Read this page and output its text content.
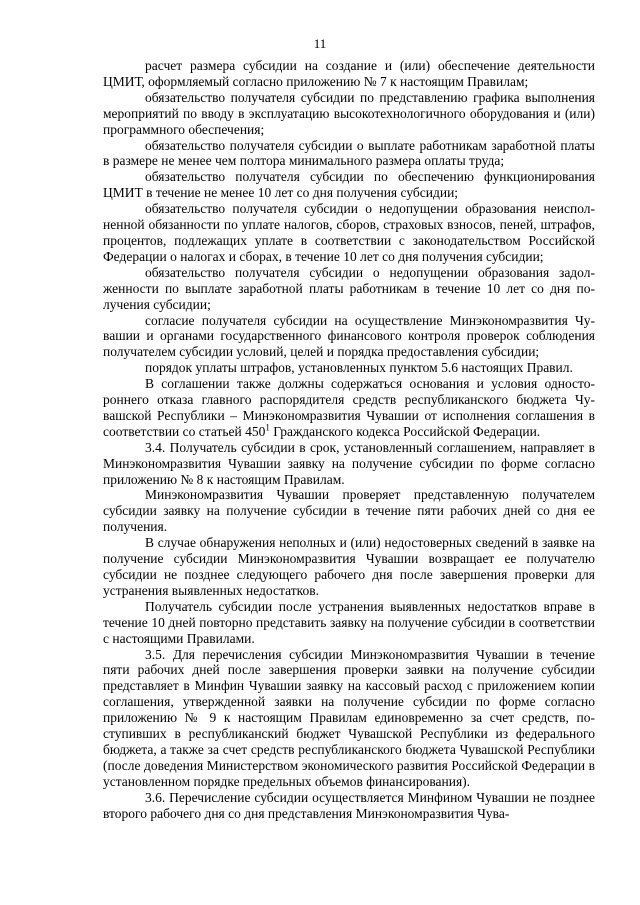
11

расчет размера субсидии на создание и (или) обеспечение деятельности ЦМИТ, оформляемый согласно приложению № 7 к настоящим Правилам;

обязательство получателя субсидии по представлению графика выполнения мероприятий по вводу в эксплуатацию высокотехнологичного оборудования и (или) программного обеспечения;

обязательство получателя субсидии о выплате работникам заработной платы в размере не менее чем полтора минимального размера оплаты труда;

обязательство получателя субсидии по обеспечению функционирования ЦМИТ в течение не менее 10 лет со дня получения субсидии;

обязательство получателя субсидии о недопущении образования неисполненной обязанности по уплате налогов, сборов, страховых взносов, пеней, штрафов, процентов, подлежащих уплате в соответствии с законодательством Российской Федерации о налогах и сборах, в течение 10 лет со дня получения субсидии;

обязательство получателя субсидии о недопущении образования задолженности по выплате заработной платы работникам в течение 10 лет со дня получения субсидии;

согласие получателя субсидии на осуществление Минэкономразвития Чувашии и органами государственного финансового контроля проверок соблюдения получателем субсидии условий, целей и порядка предоставления субсидии;

порядок уплаты штрафов, установленных пунктом 5.6 настоящих Правил.

В соглашении также должны содержаться основания и условия одностороннего отказа главного распорядителя средств республиканского бюджета Чувашской Республики – Минэкономразвития Чувашии от исполнения соглашения в соответствии со статьей $450^1$ Гражданского кодекса Российской Федерации.

3.4. Получатель субсидии в срок, установленный соглашением, направляет в Минэкономразвития Чувашии заявку на получение субсидии по форме согласно приложению № 8 к настоящим Правилам.

Минэкономразвития Чувашии проверяет представленную получателем субсидии заявку на получение субсидии в течение пяти рабочих дней со дня ее получения.

В случае обнаружения неполных и (или) недостоверных сведений в заявке на получение субсидии Минэкономразвития Чувашии возвращает ее получателю субсидии не позднее следующего рабочего дня после завершения проверки для устранения выявленных недостатков.

Получатель субсидии после устранения выявленных недостатков вправе в течение 10 дней повторно представить заявку на получение субсидии в соответствии с настоящими Правилами.

3.5. Для перечисления субсидии Минэкономразвития Чувашии в течение пяти рабочих дней после завершения проверки заявки на получение субсидии представляет в Минфин Чувашии заявку на кассовый расход с приложением копии соглашения, утвержденной заявки на получение субсидии по форме согласно приложению № 9 к настоящим Правилам единовременно за счет средств, поступивших в республиканский бюджет Чувашской Республики из федерального бюджета, а также за счет средств республиканского бюджета Чувашской Республики (после доведения Министерством экономического развития Российской Федерации в установленном порядке предельных объемов финансирования).

3.6. Перечисление субсидии осуществляется Минфином Чувашии не позднее второго рабочего дня со дня представления Минэкономразвития Чува-
